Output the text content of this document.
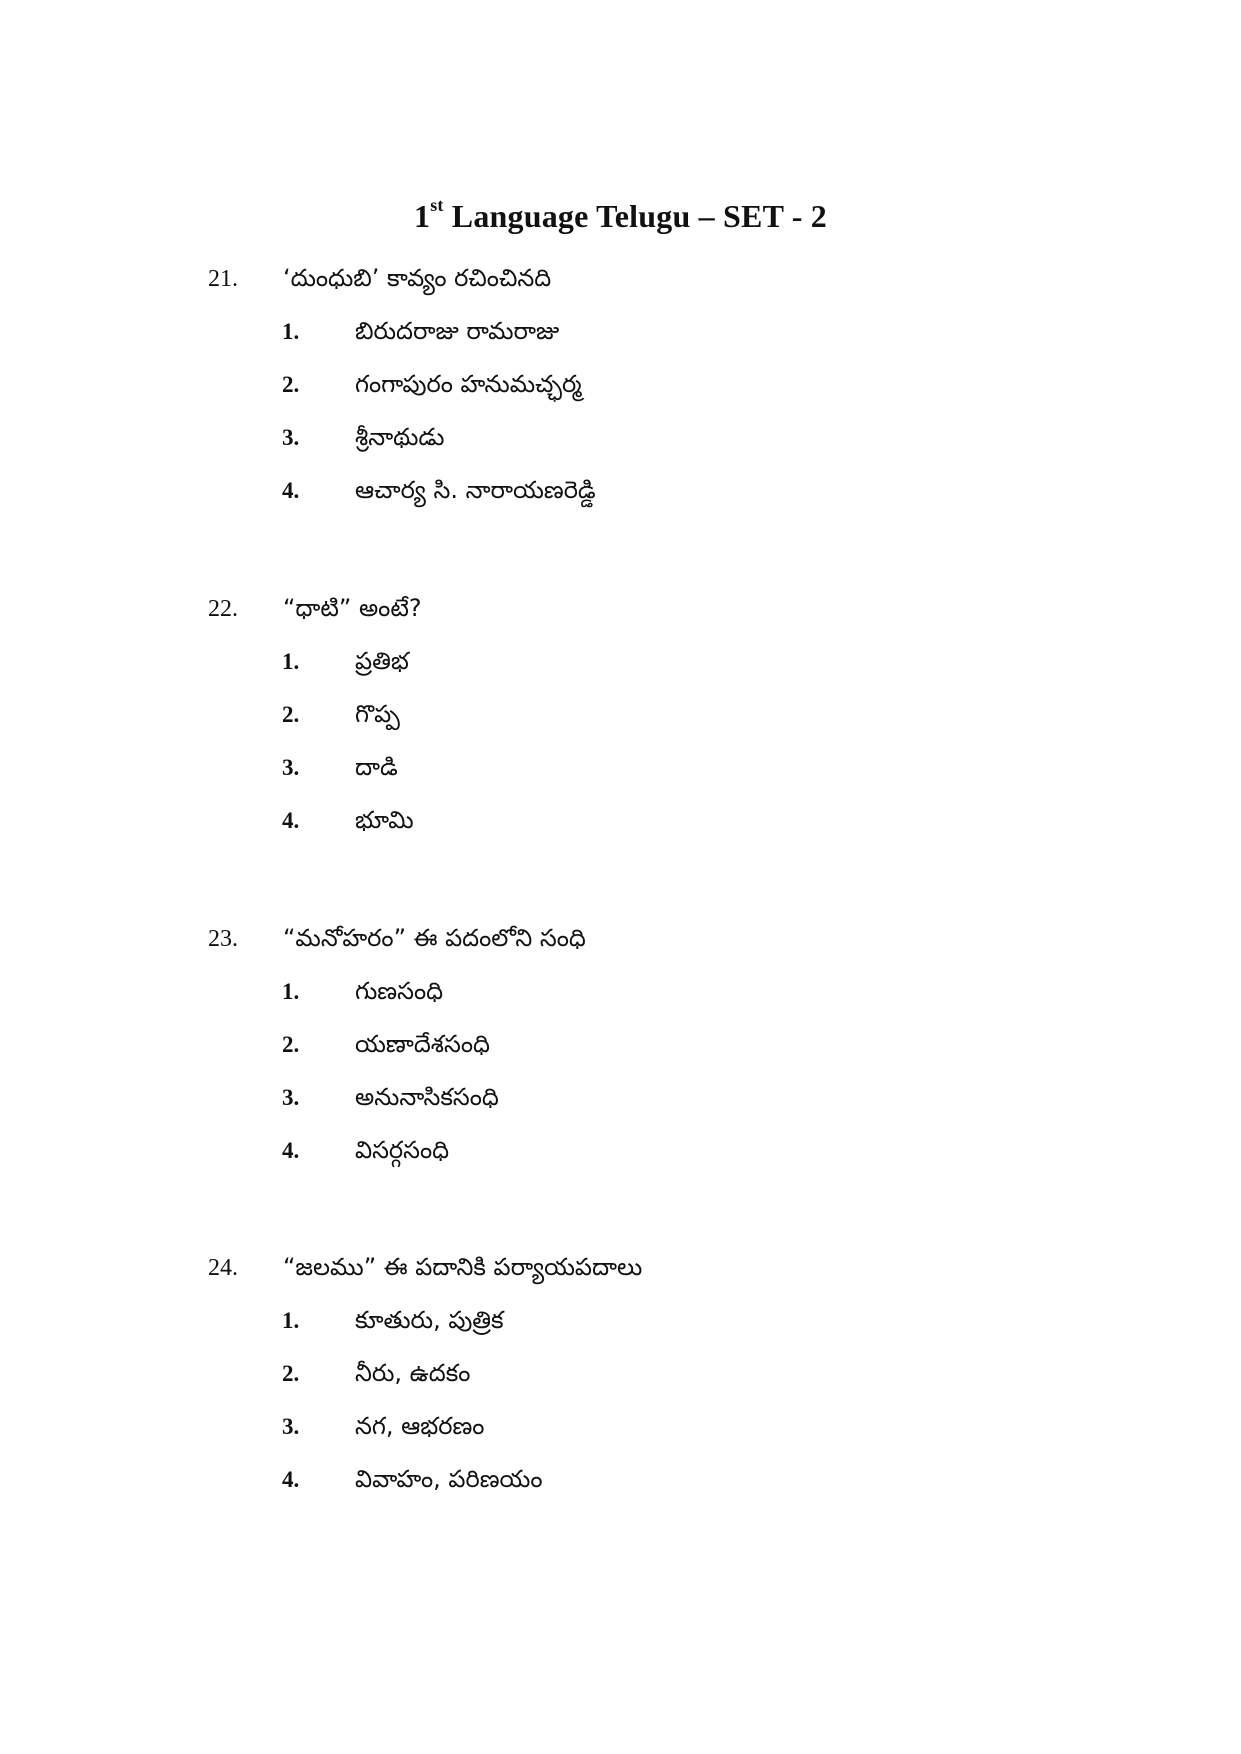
1st Language Telugu – SET - 2
21.	‘దుంధుబి’ కావ్యం రచించినది
1.	బిరుదరాజు రామరాజు
2.	గంగాపురం హనుమచ్ఛర్మ
3.	శ్రీనాథుడు
4.	ఆచార్య సి. నారాయణరెడ్డి
22.	“ధాటి” అంటే?
1.	ప్రతిభ
2.	గొప్ప
3.	దాడి
4.	భూమి
23.	“మనోహరం” ఈ పదంలోని సంధి
1.	గుణసంధి
2.	యణాదేశసంధి
3.	అనునాసికసంధి
4.	విసర్గసంధి
24.	“జలము” ఈ పదానికి పర్యాయపదాలు
1.	కూతురు, పుత్రిక
2.	నీరు, ఉదకం
3.	నగ, ఆభరణం
4.	వివాహం, పరిణయం
